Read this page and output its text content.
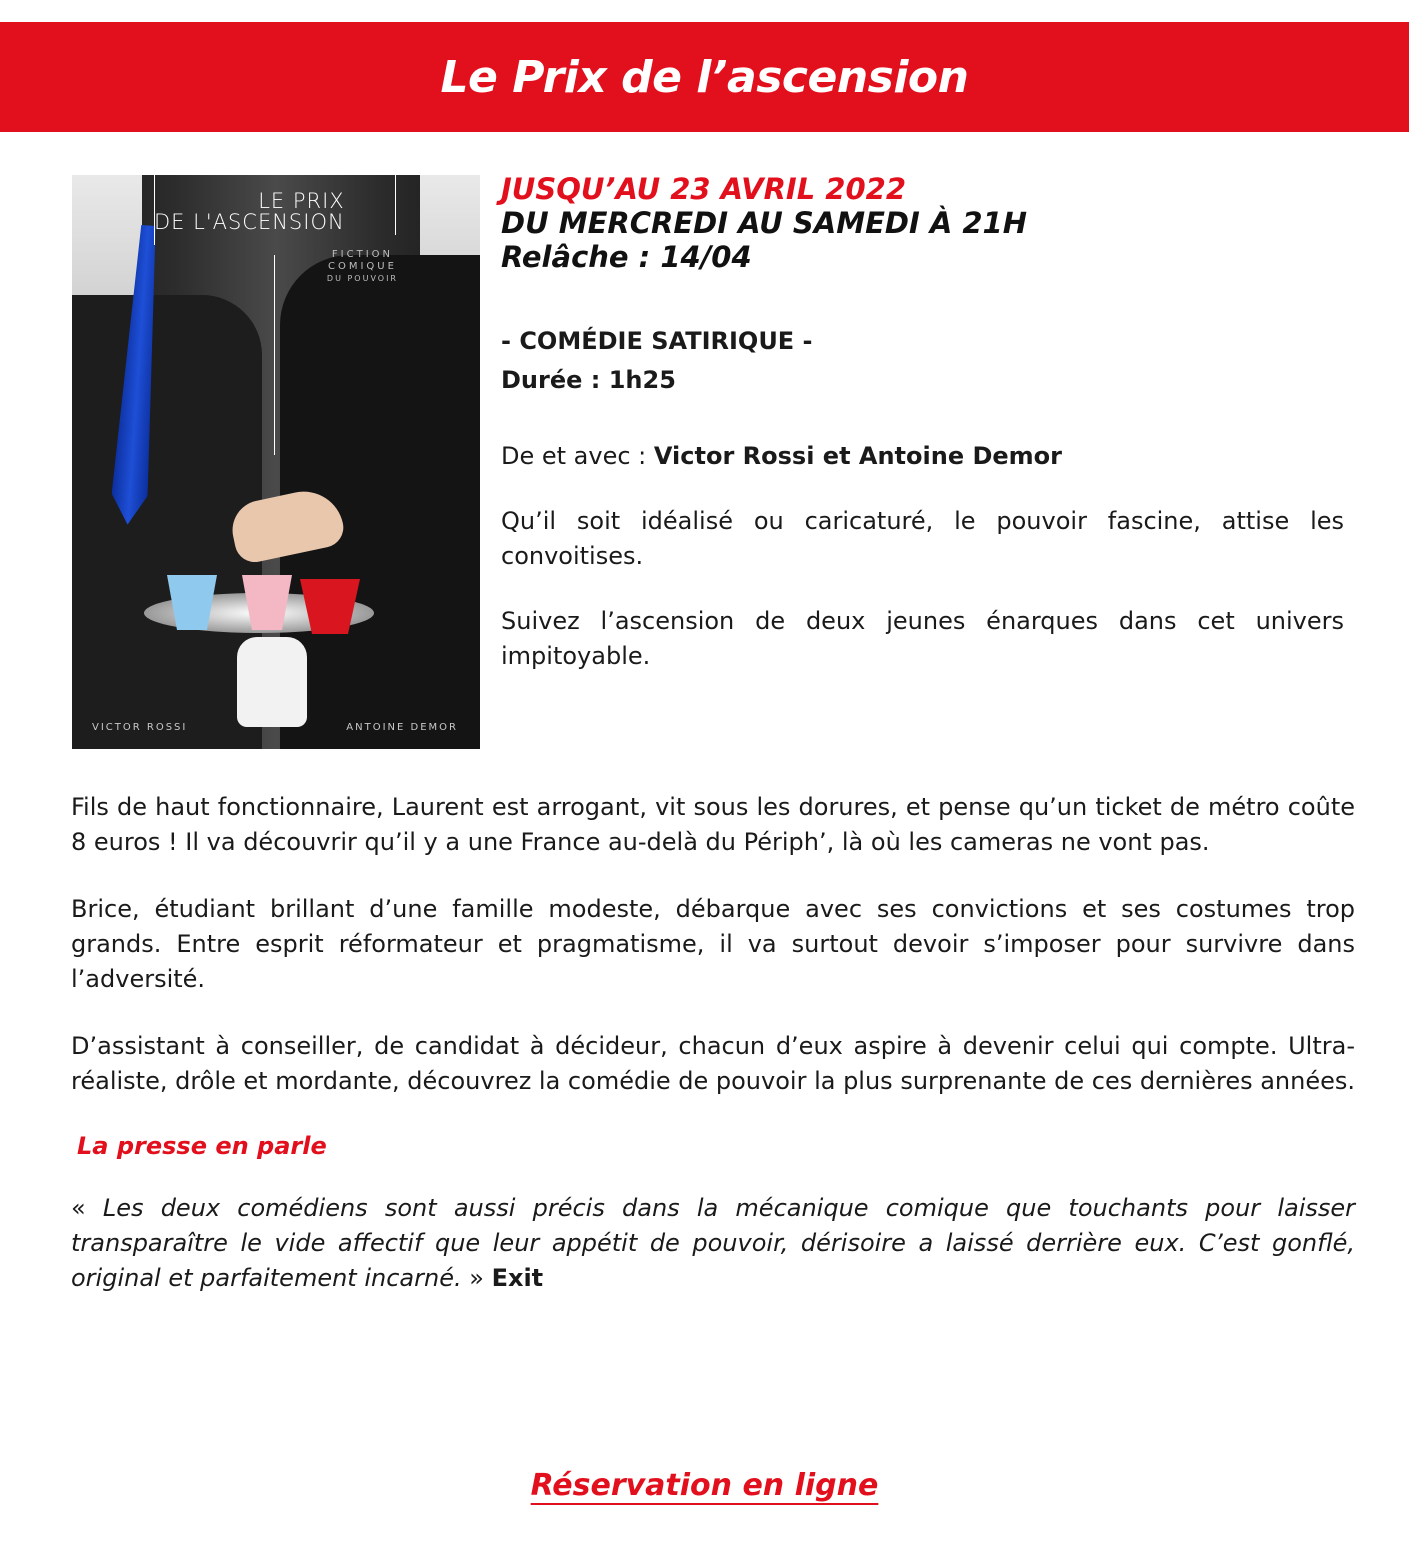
Le Prix de l’ascension
LE PRIX
DE L'ASCENSION
FICTION
COMIQUE
DU POUVOIR
VICTOR ROSSI	ANTOINE DEMOR

JUSQU’AU 23 AVRIL 2022

DU MERCREDI AU SAMEDI À 21H

Relâche : 14/04

- COMÉDIE SATIRIQUE -

Durée : 1h25

De et avec : Victor Rossi et Antoine Demor

Qu’il soit idéalisé ou caricaturé, le pouvoir fascine, attise les convoitises.

Suivez l’ascension de deux jeunes énarques dans cet univers impitoyable.

Fils de haut fonctionnaire, Laurent est arrogant, vit sous les dorures, et pense qu’un ticket de métro coûte 8 euros ! Il va découvrir qu’il y a une France au-delà du Périph’, là où les cameras ne vont pas.

Brice, étudiant brillant d’une famille modeste, débarque avec ses convictions et ses costumes trop grands. Entre esprit réformateur et pragmatisme, il va surtout devoir s’imposer pour survivre dans l’adversité.

D’assistant à conseiller, de candidat à décideur, chacun d’eux aspire à devenir celui qui compte. Ultra-réaliste, drôle et mordante, découvrez la comédie de pouvoir la plus surprenante de ces dernières années.

La presse en parle

« Les deux comédiens sont aussi précis dans la mécanique comique que touchants pour laisser transparaître le vide affectif que leur appétit de pouvoir, dérisoire a laissé derrière eux. C’est gonflé, original et parfaitement incarné. » Exit

Réservation en ligne
